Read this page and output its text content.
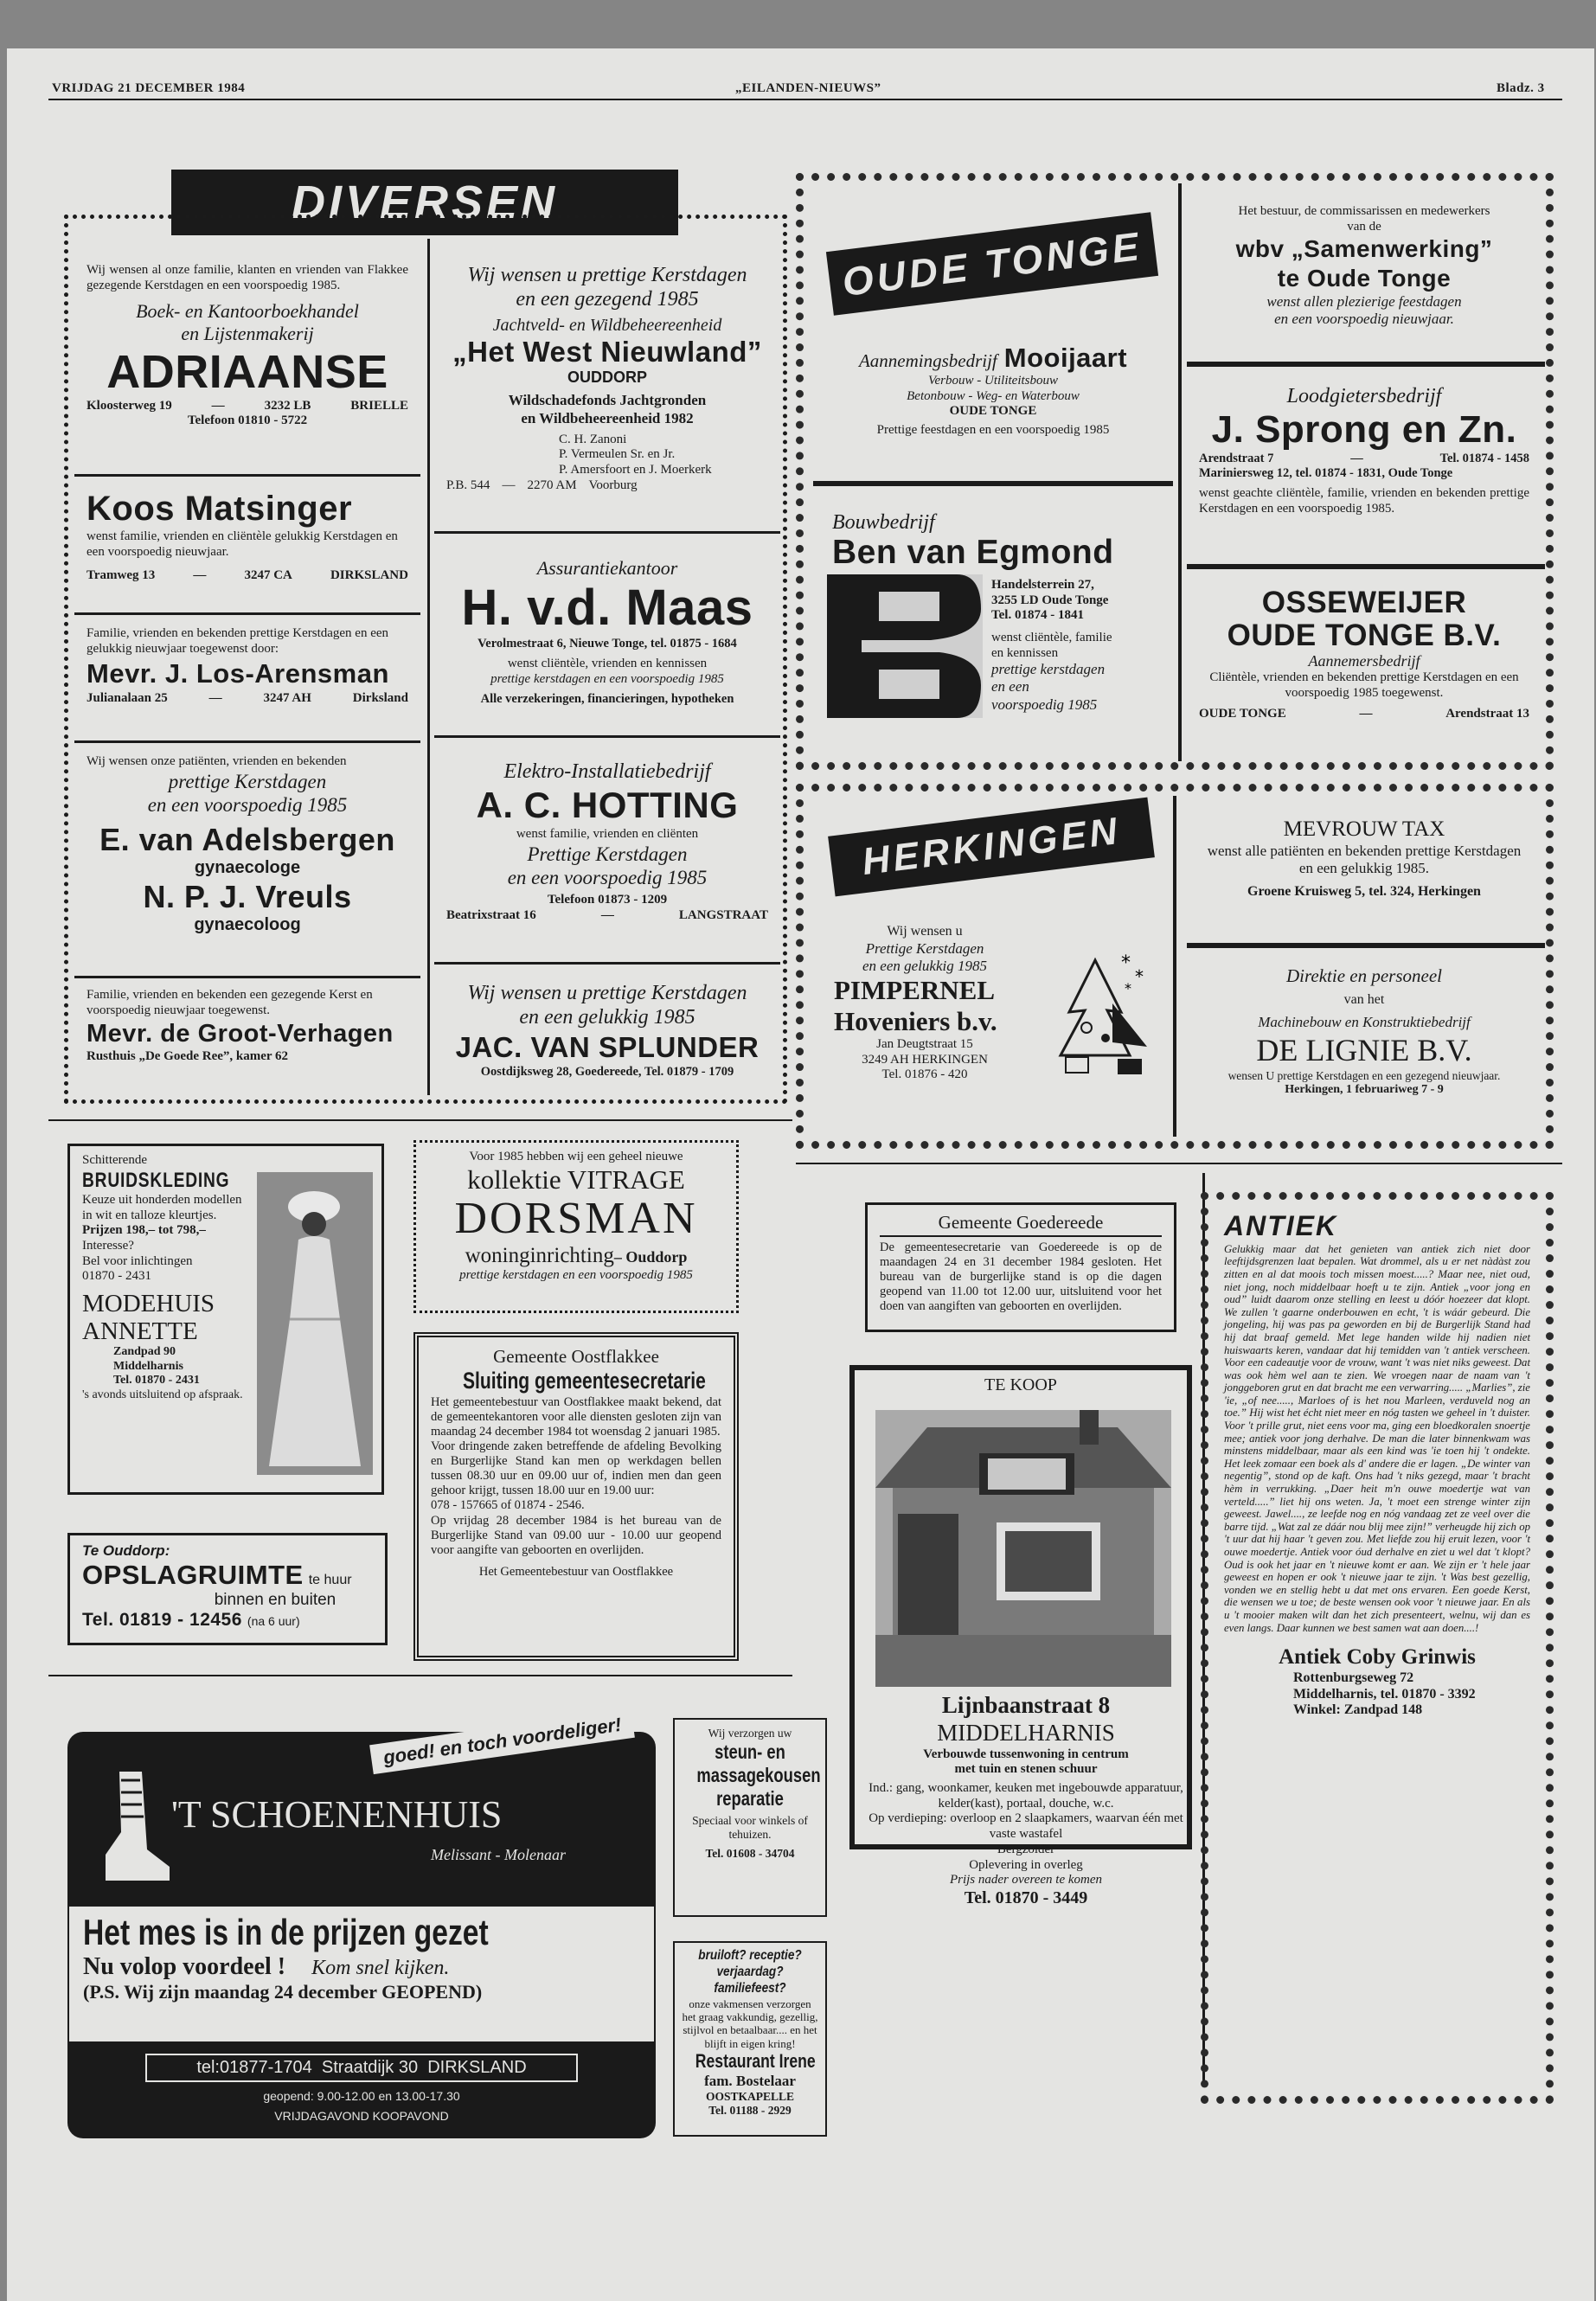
VRIJDAG 21 DECEMBER 1984	„EILANDEN-NIEUWS”	Bladz. 3
DIVERSEN

Wij wensen al onze familie, klanten en vrienden van Flakkee gezegende Kerstdagen en een voorspoedig 1985.

Boek- en Kantoorboekhandel

en Lijstenmakerij

ADRIAANSE

Kloosterweg 19	—	3232 LB	BRIELLE

Telefoon 01810 - 5722

Koos Matsinger

wenst familie, vrienden en cliëntèle gelukkig Kerstdagen en een voorspoedig nieuwjaar.

Tramweg 13	—	3247 CA	DIRKSLAND

Familie, vrienden en bekenden prettige Kerstdagen en een gelukkig nieuwjaar toegewenst door:

Mevr. J. Los-Arensman

Julianalaan 25	—	3247 AH	Dirksland

Wij wensen onze patiënten, vrienden en bekenden

prettige Kerstdagen

en een voorspoedig 1985

E. van Adelsbergen

gynaecologe

N. P. J. Vreuls

gynaecoloog

Familie, vrienden en bekenden een gezegende Kerst en voorspoedig nieuwjaar toegewenst.

Mevr. de Groot-Verhagen

Rusthuis „De Goede Ree”, kamer 62

Wij wensen u prettige Kerstdagen

en een gezegend 1985

Jachtveld- en Wildbeheereenheid

„Het West Nieuwland”

OUDDORP

Wildschadefonds Jachtgronden

en Wildbeheereenheid 1982

C. H. Zanoni

P. Vermeulen Sr. en Jr.

P. Amersfoort en J. Moerkerk

P.B. 544 — 2270 AM Voorburg

Assurantiekantoor

H. v.d. Maas

Verolmestraat 6, Nieuwe Tonge, tel. 01875 - 1684

wenst cliëntèle, vrienden en kennissen

prettige kerstdagen en een voorspoedig 1985

Alle verzekeringen, financieringen, hypotheken

Elektro-Installatiebedrijf

A. C. HOTTING

wenst familie, vrienden en cliënten

Prettige Kerstdagen

en een voorspoedig 1985

Telefoon 01873 - 1209

Beatrixstraat 16	—	LANGSTRAAT

Wij wensen u prettige Kerstdagen

en een gelukkig 1985

JAC. VAN SPLUNDER

Oostdijksweg 28, Goedereede, Tel. 01879 - 1709

OUDE TONGE
Aannemingsbedrijf Mooijaart

Verbouw - Utiliteitsbouw

Betonbouw - Weg- en Waterbouw

OUDE TONGE

Prettige feestdagen en een voorspoedig 1985

Bouwbedrijf

Ben van Egmond

Handelsterrein 27,

3255 LD Oude Tonge

Tel. 01874 - 1841

wenst cliëntèle, familie

en kennissen

prettige kerstdagen

en een

voorspoedig 1985

Het bestuur, de commissarissen en medewerkers

van de

wbv „Samenwerking”

te Oude Tonge

wenst allen plezierige feestdagen

en een voorspoedig nieuwjaar.

Loodgietersbedrijf

J. Sprong en Zn.

Arendstraat 7	—	Tel. 01874 - 1458

Mariniersweg 12, tel. 01874 - 1831, Oude Tonge

wenst geachte cliëntèle, familie, vrienden en bekenden prettige Kerstdagen en een voorspoedig 1985.

OSSEWEIJER

OUDE TONGE B.V.

Aannemersbedrijf

Cliëntèle, vrienden en bekenden prettige Kerstdagen en een voorspoedig 1985 toegewenst.

OUDE TONGE	—	Arendstraat 13
HERKINGEN

Wij wensen u

Prettige Kerstdagen

en een gelukkig 1985

PIMPERNEL

Hoveniers b.v.

Jan Deugtstraat 15

3249 AH HERKINGEN

Tel. 01876 - 420

*
*
*

MEVROUW TAX

wenst alle patiënten en bekenden prettige Kerstdagen en een gelukkig 1985.

Groene Kruisweg 5, tel. 324, Herkingen

Direktie en personeel

van het

Machinebouw en Konstruktiebedrijf

DE LIGNIE B.V.

wensen U prettige Kerstdagen en een gezegend nieuwjaar.

Herkingen, 1 februariweg 7 - 9

Schitterende

BRUIDSKLEDING

Keuze uit honderden modellen in wit en talloze kleurtjes.

Prijzen 198,– tot 798,–

Interesse?

Bel voor inlichtingen

01870 - 2431

MODEHUIS

ANNETTE

Zandpad 90

Middelharnis

Tel. 01870 - 2431

's avonds uitsluitend op afspraak.

Te Ouddorp:

OPSLAGRUIMTE te huur

binnen en buiten

Tel. 01819 - 12456 (na 6 uur)

Voor 1985 hebben wij een geheel nieuwe

kollektie VITRAGE

DORSMAN

woninginrichting– Ouddorp

prettige kerstdagen en een voorspoedig 1985

Gemeente Oostflakkee

Sluiting gemeentesecretarie

Het gemeentebestuur van Oostflakkee maakt bekend, dat de gemeentekantoren voor alle diensten gesloten zijn van maandag 24 december 1984 tot woensdag 2 januari 1985.

Voor dringende zaken betreffende de afdeling Bevolking en Burgerlijke Stand kan men op werkdagen bellen tussen 08.30 uur en 09.00 uur of, indien men dan geen gehoor krijgt, tussen 18.00 uur en 19.00 uur:

078 - 157665 of 01874 - 2546.

Op vrijdag 28 december 1984 is het bureau van de Burgerlijke Stand van 09.00 uur - 10.00 uur geopend voor aangifte van geboorten en overlijden.

Het Gemeentebestuur van Oostflakkee

Gemeente Goedereede

De gemeentesecretarie van Goedereede is op de maandagen 24 en 31 december 1984 gesloten. Het bureau van de burgerlijke stand is op die dagen geopend van 11.00 tot 12.00 uur, uitsluitend voor het doen van aangiften van geboorten en overlijden.

TE KOOP

Lijnbaanstraat 8

MIDDELHARNIS

Verbouwde tussenwoning in centrum

met tuin en stenen schuur

Ind.: gang, woonkamer, keuken met ingebouwde apparatuur, kelder(kast), portaal, douche, w.c.

Op verdieping: overloop en 2 slaapkamers, waarvan één met vaste wastafel

Bergzolder

Oplevering in overleg

Prijs nader overeen te komen

Tel. 01870 - 3449

ANTIEK

Gelukkig maar dat het genieten van antiek zich niet door leeftijdsgrenzen laat bepalen. Wat drommel, als u er net nàdàst zou zitten en al dat moois toch missen moest.....? Maar nee, niet oud, niet jong, noch middelbaar hoeft u te zijn. Antiek „voor jong en oud” luidt daarom onze stelling en leest u dóór hoezeer dat klopt. We zullen 't gaarne onderbouwen en echt, 't is wáár gebeurd. Die jongeling, hij was pas pa geworden en bij de Burgerlijk Stand had hij dat braaf gemeld. Met lege handen wilde hij nadien niet huiswaarts keren, vandaar dat hij temidden van 't antiek verscheen. Voor een cadeautje voor de vrouw, want 't was niet niks geweest. Dat was ook hèm wel aan te zien. We vroegen naar de naam van 't jonggeboren grut en dat bracht me een verwarring..... „Marlies”, zie 'ie, „of nee....., Marloes of is het nou Marleen, verduveld nog an toe.” Hij wist het écht niet meer en nóg tasten we geheel in 't duister. Voor 't prille grut, niet eens voor ma, ging een bloedkoralen snoertje mee; antiek voor jong derhalve. De man die later binnenkwam was minstens middelbaar, maar als een kind was 'ie toen hij 't ondekte. Het leek zomaar een boek als d' andere die er lagen. „De winter van negentig”, stond op de kaft. Ons had 't niks gezegd, maar 't bracht hèm in verrukking. „Daer heit m'n ouwe moedertje wat van verteld.....” liet hij ons weten. Ja, 't moet een strenge winter zijn geweest. Jawel...., ze leefde nog en nóg vandaag zet ze veel over die barre tijd. „Wat zal ze dáár nou blij mee zijn!” verheugde hij zich op 't uur dat hij haar 't geven zou. Met liefde zou hij eruit lezen, voor 't ouwe moedertje. Antiek voor óud derhalve en ziet u wel dat 't klopt? Oud is ook het jaar en 't nieuwe komt er aan. We zijn er 't hele jaar geweest en hopen er ook 't nieuwe jaar te zijn. 't Was best gezellig, vonden we en stellig hebt u dat met ons ervaren. Een goede Kerst, die wensen we u toe; de beste wensen ook voor 't nieuwe jaar. En als u 't mooier maken wilt dan het zich presenteert, welnu, wij dan es even langs. Daar kunnen we best samen wat aan doen....!

Antiek Coby Grinwis

Rottenburgseweg 72

Middelharnis, tel. 01870 - 3392

Winkel: Zandpad 148

goed! en toch voordeliger!

'T SCHOENENHUIS

Melissant - Molenaar

Het mes is in de prijzen gezet

Nu volop voordeel ! Kom snel kijken.

(P.S. Wij zijn maandag 24 december GEOPEND)

tel:01877-1704 Straatdijk 30 DIRKSLAND

geopend: 9.00-12.00 en 13.00-17.30

VRIJDAGAVOND KOOPAVOND

Wij verzorgen uw

steun- en massagekousen reparatie

Speciaal voor winkels of tehuizen.

Tel. 01608 - 34704

bruiloft? receptie?

verjaardag? familiefeest?

onze vakmensen verzorgen het graag vakkundig, gezellig, stijlvol en betaalbaar.... en het blijft in eigen kring!

Restaurant Irene

fam. Bostelaar

OOSTKAPELLE

Tel. 01188 - 2929
